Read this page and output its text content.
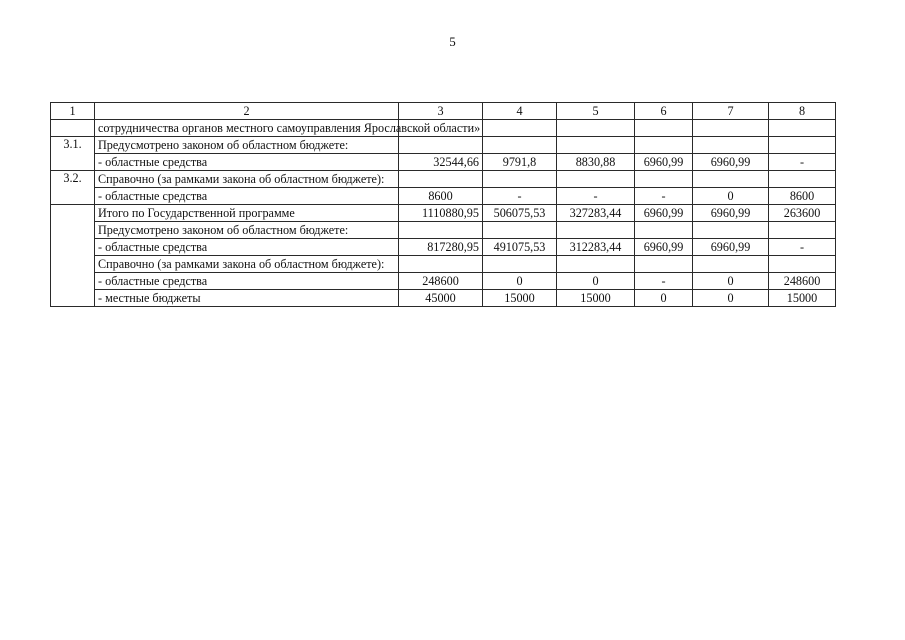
5
1	2	3	4	5	6	7	8
	сотрудничества органов местного самоуправления Ярославской области»						
3.1.	Предусмотрено законом об областном бюджете:						
	- областные средства	32544,66	9791,8	8830,88	6960,99	6960,99	-
3.2.	Справочно (за рамками закона об областном бюджете):						
	- областные средства	8600	-	-	-	0	8600
	Итого по Государственной программе	1110880,95	506075,53	327283,44	6960,99	6960,99	263600
	Предусмотрено законом об областном бюджете:						
	- областные средства	817280,95	491075,53	312283,44	6960,99	6960,99	-
	Справочно (за рамками закона об областном бюджете):						
	- областные средства	248600	0	0	-	0	248600
	- местные бюджеты	45000	15000	15000	0	0	15000
